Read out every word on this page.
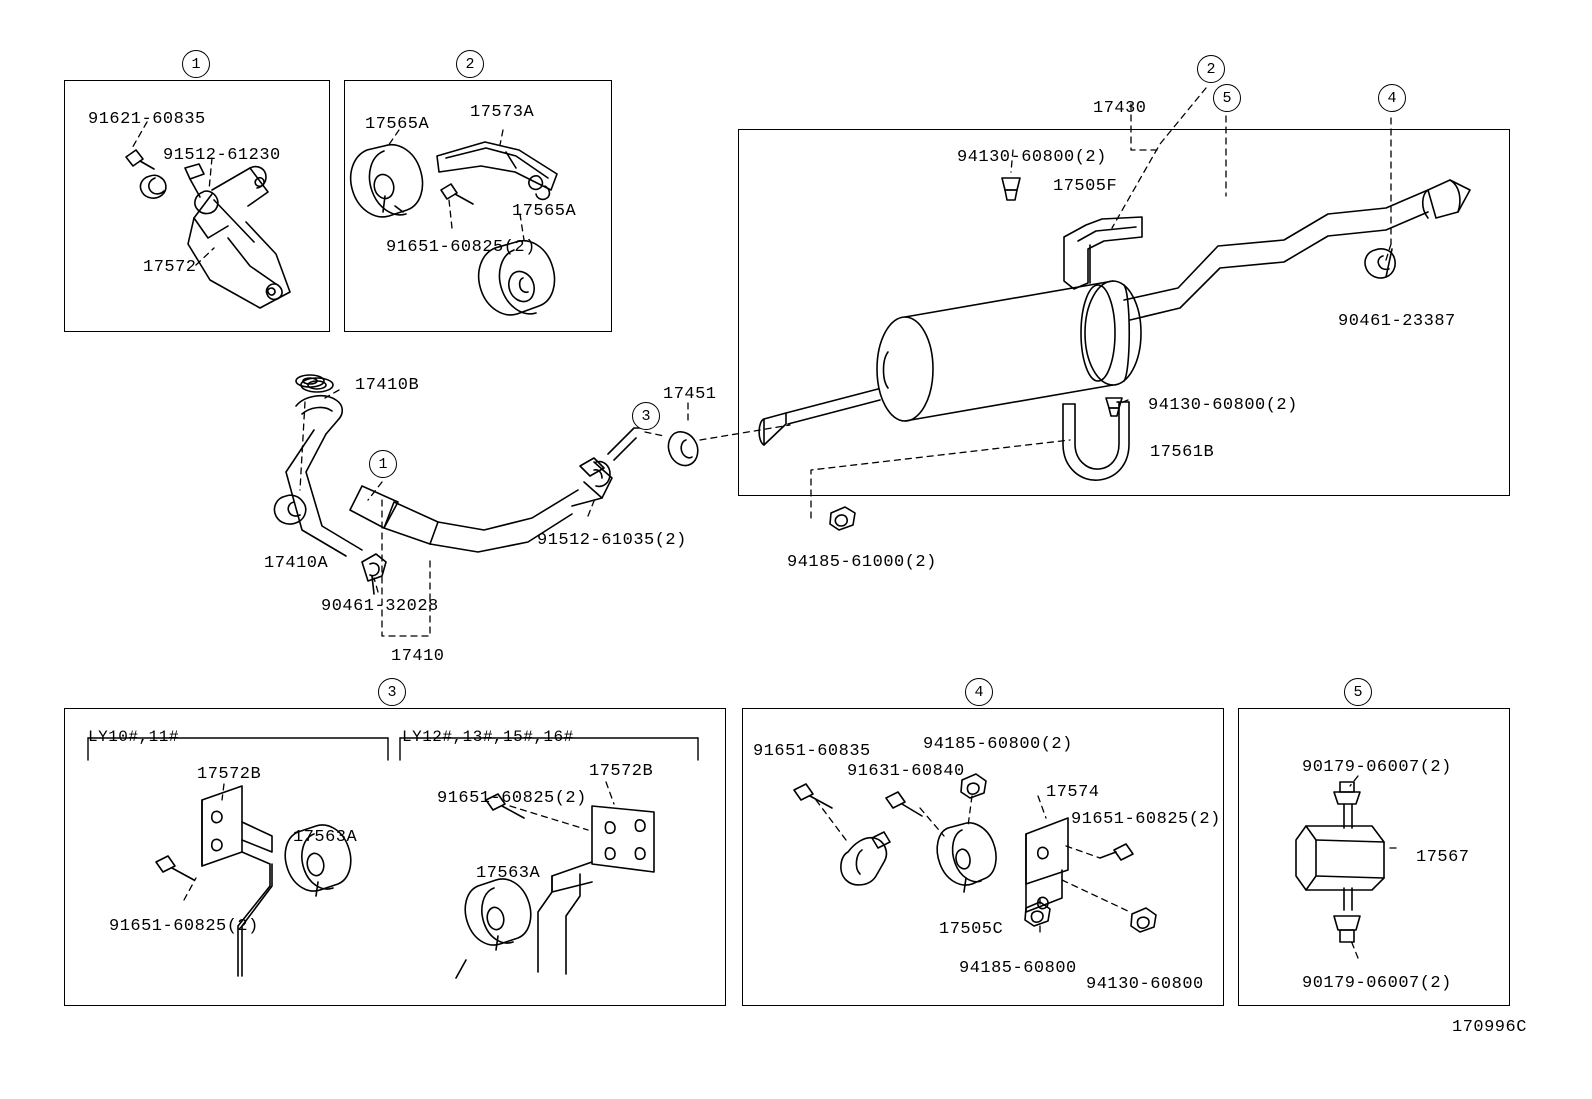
1	2	2
5	4
1
3
3	4	5
91621-60835
91512-61230
17572
17565A
17573A
17565A
91651-60825(2)
17430
94130-60800(2)
17505F
90461-23387
94130-60800(2)
17561B
94185-61000(2)
17410B	17451
17410A
90461-32028
91512-61035(2)
17410
LY10#,11#	LY12#,13#,15#,16#
17572B
17563A
91651-60825(2)
17572B
91651-60825(2)
17563A
91651-60835	94185-60800(2)
91631-60840
17574
91651-60825(2)
17505C
94185-60800
94130-60800
90179-06007(2)
17567
90179-06007(2)
170996C
